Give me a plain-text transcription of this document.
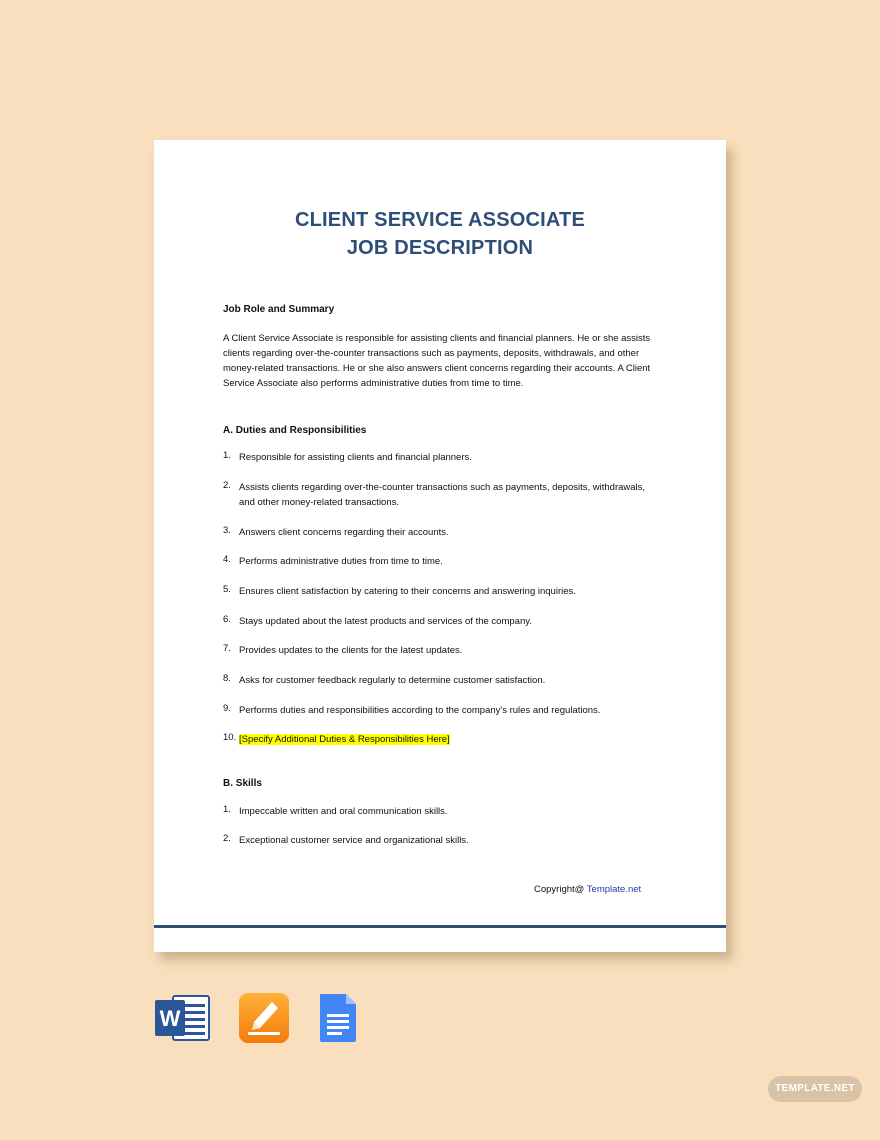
CLIENT SERVICE ASSOCIATE
JOB DESCRIPTION
Job Role and Summary
A Client Service Associate is responsible for assisting clients and financial planners. He or she assists clients regarding over-the-counter transactions such as payments, deposits, withdrawals, and other money-related transactions. He or she also answers client concerns regarding their accounts. A Client Service Associate also performs administrative duties from time to time.
A. Duties and Responsibilities
1. Responsible for assisting clients and financial planners.
2. Assists clients regarding over-the-counter transactions such as payments, deposits, withdrawals, and other money-related transactions.
3. Answers client concerns regarding their accounts.
4. Performs administrative duties from time to time.
5. Ensures client satisfaction by catering to their concerns and answering inquiries.
6. Stays updated about the latest products and services of the company.
7. Provides updates to the clients for the latest updates.
8. Asks for customer feedback regularly to determine customer satisfaction.
9. Performs duties and responsibilities according to the company's rules and regulations.
10. [Specify Additional Duties & Responsibilities Here]
B. Skills
1. Impeccable written and oral communication skills.
2. Exceptional customer service and organizational skills.
Copyright@ Template.net
W
TEMPLATE.NET
